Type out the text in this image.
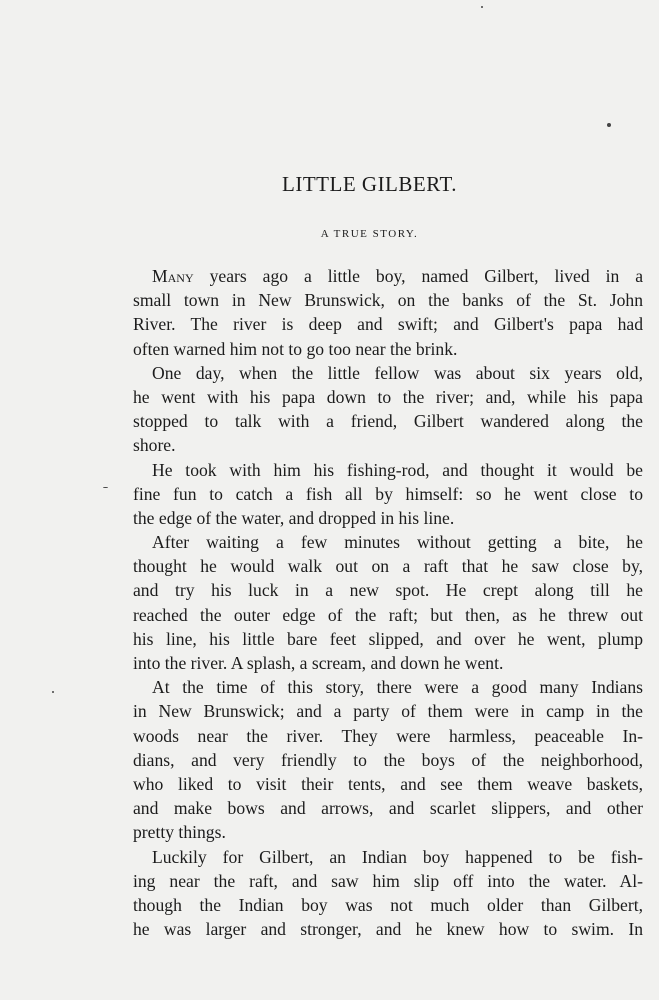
LITTLE GILBERT.
A TRUE STORY.
Many years ago a little boy, named Gilbert, lived in a
small town in New Brunswick, on the banks of the St. John
River. The river is deep and swift; and Gilbert's papa had
often warned him not to go too near the brink.
One day, when the little fellow was about six years old,
he went with his papa down to the river; and, while his papa
stopped to talk with a friend, Gilbert wandered along the
shore.
He took with him his fishing-rod, and thought it would be
fine fun to catch a fish all by himself: so he went close to
the edge of the water, and dropped in his line.
After waiting a few minutes without getting a bite, he
thought he would walk out on a raft that he saw close by,
and try his luck in a new spot. He crept along till he
reached the outer edge of the raft; but then, as he threw out
his line, his little bare feet slipped, and over he went, plump
into the river. A splash, a scream, and down he went.
At the time of this story, there were a good many Indians
in New Brunswick; and a party of them were in camp in the
woods near the river. They were harmless, peaceable In-
dians, and very friendly to the boys of the neighborhood,
who liked to visit their tents, and see them weave baskets,
and make bows and arrows, and scarlet slippers, and other
pretty things.
Luckily for Gilbert, an Indian boy happened to be fish-
ing near the raft, and saw him slip off into the water. Al-
though the Indian boy was not much older than Gilbert,
he was larger and stronger, and he knew how to swim. In
